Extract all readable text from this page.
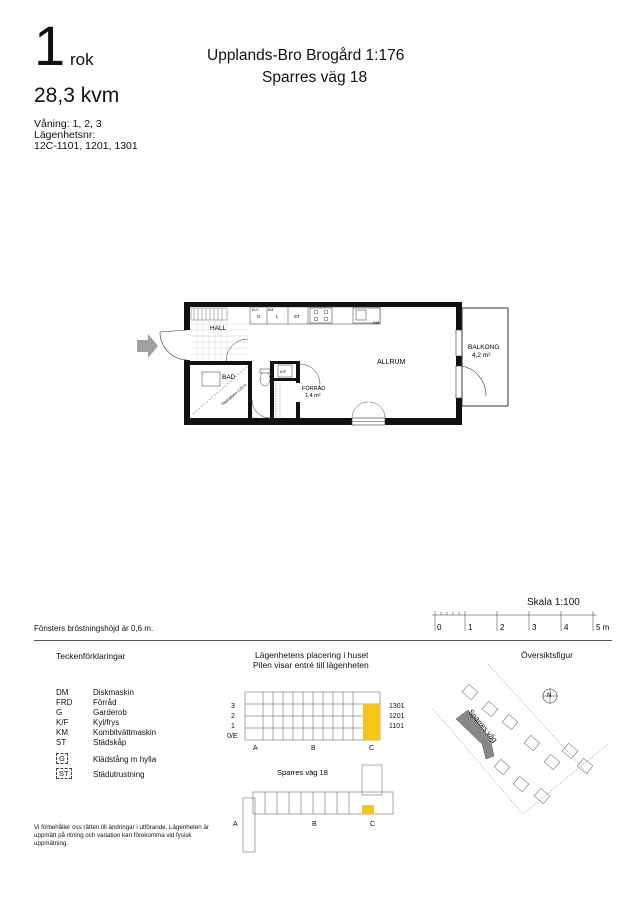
1 rok
28,3 kvm
Våning: 1, 2, 3
Lägenhetsnr:
12C-1101, 1201, 1301
Upplands-Bro Brogård 1:176
Sparres väg 18
BALKONG
4,2 m²
HALL
ELC	KM
G	L	ST
DM
BAD
Tillgänglighet 2,25 m
K/F
FÖRRÅD
1,4 m²
ALLRUM
Skala 1:100
0	1	2	3	4	5 m
Fönsters bröstningshöjd är 0,6 m.
Teckenförklaringar
DM	Diskmaskin
FRD	Förråd
G	Garderob
K/F	Kyl/frys
KM	Kombitvättmaskin
ST	Städskåp
G	Klädstång m hylla
ST	Städutrustning
Lägenhetens placering i huset
Pilen visar entré till lägenheten
3
2
1
0/E
1301
1201
1101
A	B	C
Sparres väg 18
A	B	C
Översiktsfigur
Sparres väg
N
Vi förbehåller oss rätten till ändringar i utförande. Lägenheten är uppmätt på ritning och variation kan förekomma vid fysisk uppmätning.
